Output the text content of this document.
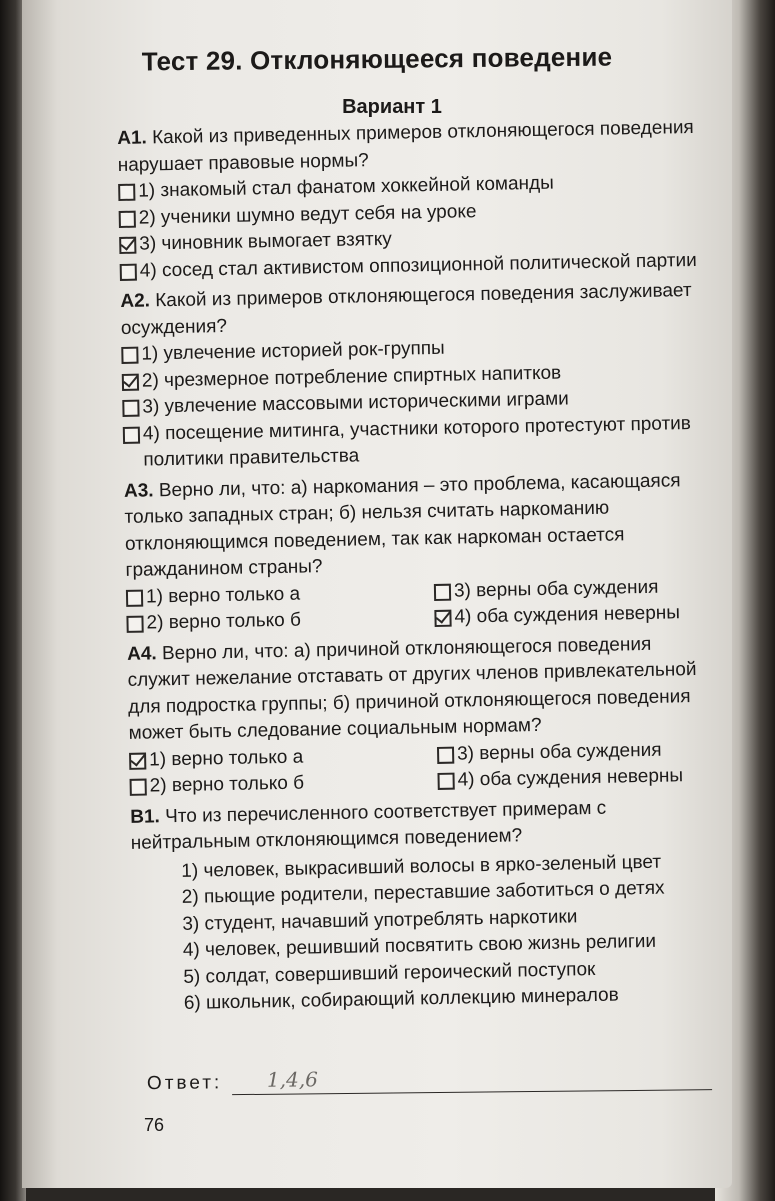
Тест 29. Отклоняющееся поведение
Вариант 1

А1. Какой из приведенных примеров отклоняющегося поведения нарушает правовые нормы?

1) знакомый стал фанатом хоккейной команды
2) ученики шумно ведут себя на уроке
3) чиновник вымогает взятку
4) сосед стал активистом оппозиционной политической партии

А2. Какой из примеров отклоняющегося поведения заслуживает осуждения?

1) увлечение историей рок-группы
2) чрезмерное потребление спиртных напитков
3) увлечение массовыми историческими играми
4) посещение митинга, участники которого протестуют против политики правительства

А3. Верно ли, что: а) наркомания – это проблема, касающаяся только западных стран; б) нельзя считать наркоманию отклоняющимся поведением, так как наркоман остается гражданином страны?

1) верно только а	3) верны оба суждения
2) верно только б	4) оба суждения неверны

А4. Верно ли, что: а) причиной отклоняющегося поведения служит нежелание отставать от других членов привлекательной для подростка группы; б) причиной отклоняющегося поведения может быть следование социальным нормам?

1) верно только а	3) верны оба суждения
2) верно только б	4) оба суждения неверны

В1. Что из перечисленного соответствует примерам с нейтральным отклоняющимся поведением?

1) человек, выкрасивший волосы в ярко-зеленый цвет
2) пьющие родители, переставшие заботиться о детях
3) студент, начавший употреблять наркотики
4) человек, решивший посвятить свою жизнь религии
5) солдат, совершивший героический поступок
6) школьник, собирающий коллекцию минералов
Ответ: 1,4,6
76
